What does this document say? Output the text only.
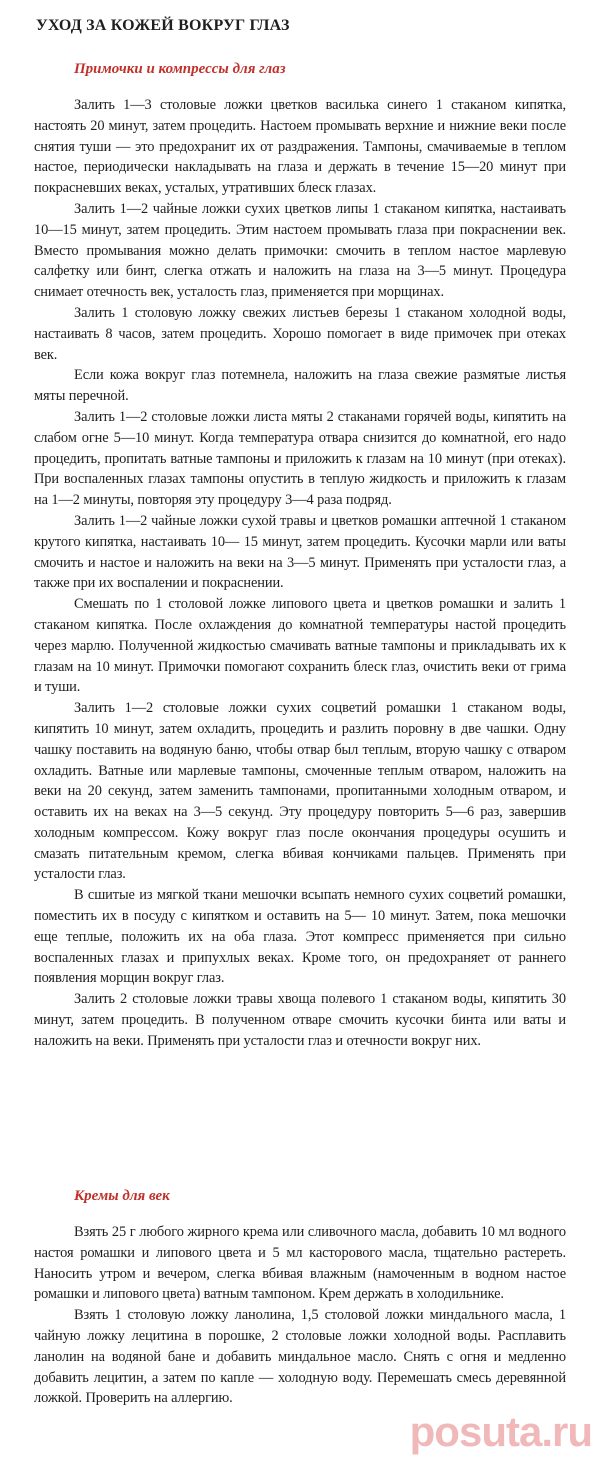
УХОД ЗА КОЖЕЙ ВОКРУГ ГЛАЗ
Примочки и компрессы для глаз

Залить 1—3 столовые ложки цветков василька синего 1 стаканом кипятка, настоять 20 минут, затем процедить. Настоем промывать верхние и нижние веки после снятия туши — это предохранит их от раздражения. Тампоны, смачиваемые в теплом настое, периодически накладывать на глаза и держать в течение 15—20 минут при покрасневших веках, усталых, утративших блеск глазах.

Залить 1—2 чайные ложки сухих цветков липы 1 стаканом кипятка, настаивать 10—15 минут, затем процедить. Этим настоем промывать глаза при покраснении век. Вместо промывания можно делать примочки: смочить в теплом настое марлевую салфетку или бинт, слегка отжать и наложить на глаза на 3—5 минут. Процедура снимает отечность век, усталость глаз, применяется при морщинах.

Залить 1 столовую ложку свежих листьев березы 1 стаканом холодной воды, настаивать 8 часов, затем процедить. Хорошо помогает в виде примочек при отеках век.

Если кожа вокруг глаз потемнела, наложить на глаза свежие размятые листья мяты перечной.

Залить 1—2 столовые ложки листа мяты 2 стаканами горячей воды, кипятить на слабом огне 5—10 минут. Когда температура отвара снизится до комнатной, его надо процедить, пропитать ватные тампоны и приложить к глазам на 10 минут (при отеках). При воспаленных глазах тампоны опустить в теплую жидкость и приложить к глазам на 1—2 минуты, повторяя эту процедуру 3—4 раза подряд.

Залить 1—2 чайные ложки сухой травы и цветков ромашки аптечной 1 стаканом крутого кипятка, настаивать 10— 15 минут, затем процедить. Кусочки марли или ваты смочить и настое и наложить на веки на 3—5 минут. Применять при усталости глаз, а также при их воспалении и покраснении.

Смешать по 1 столовой ложке липового цвета и цветков ромашки и залить 1 стаканом кипятка. После охлаждения до комнатной температуры настой процедить через марлю. Полученной жидкостью смачивать ватные тампоны и прикладывать их к глазам на 10 минут. Примочки помогают сохранить блеск глаз, очистить веки от грима и туши.

Залить 1—2 столовые ложки сухих соцветий ромашки 1 стаканом воды, кипятить 10 минут, затем охладить, процедить и разлить поровну в две чашки. Одну чашку поставить на водяную баню, чтобы отвар был теплым, вторую чашку с отваром охладить. Ватные или марлевые тампоны, смоченные теплым отваром, наложить на веки на 20 секунд, затем заменить тампонами, пропитанными холодным отваром, и оставить их на веках на 3—5 секунд. Эту процедуру повторить 5—6 раз, завершив холодным компрессом. Кожу вокруг глаз после окончания процедуры осушить и смазать питательным кремом, слегка вбивая кончиками пальцев. Применять при усталости глаз.

В сшитые из мягкой ткани мешочки всыпать немного сухих соцветий ромашки, поместить их в посуду с кипятком и оставить на 5— 10 минут. Затем, пока мешочки еще теплые, положить их на оба глаза. Этот компресс применяется при сильно воспаленных глазах и припухлых веках. Кроме того, он предохраняет от раннего появления морщин вокруг глаз.

Залить 2 столовые ложки травы хвоща полевого 1 стаканом воды, кипятить 30 минут, затем процедить. В полученном отваре смочить кусочки бинта или ваты и наложить на веки. Применять при усталости глаз и отечности вокруг них.

Кремы для век

Взять 25 г любого жирного крема или сливочного масла, добавить 10 мл водного настоя ромашки и липового цвета и 5 мл касторового масла, тщательно растереть. Наносить утром и вечером, слегка вбивая влажным (намоченным в водном настое ромашки и липового цвета) ватным тампоном. Крем держать в холодильнике.

Взять 1 столовую ложку ланолина, 1,5 столовой ложки миндального масла, 1 чайную ложку лецитина в порошке, 2 столовые ложки холодной воды. Расплавить ланолин на водяной бане и добавить миндальное масло. Снять с огня и медленно добавить лецитин, а затем по капле — холодную воду. Перемешать смесь деревянной ложкой. Проверить на аллергию.

posuta.ru
